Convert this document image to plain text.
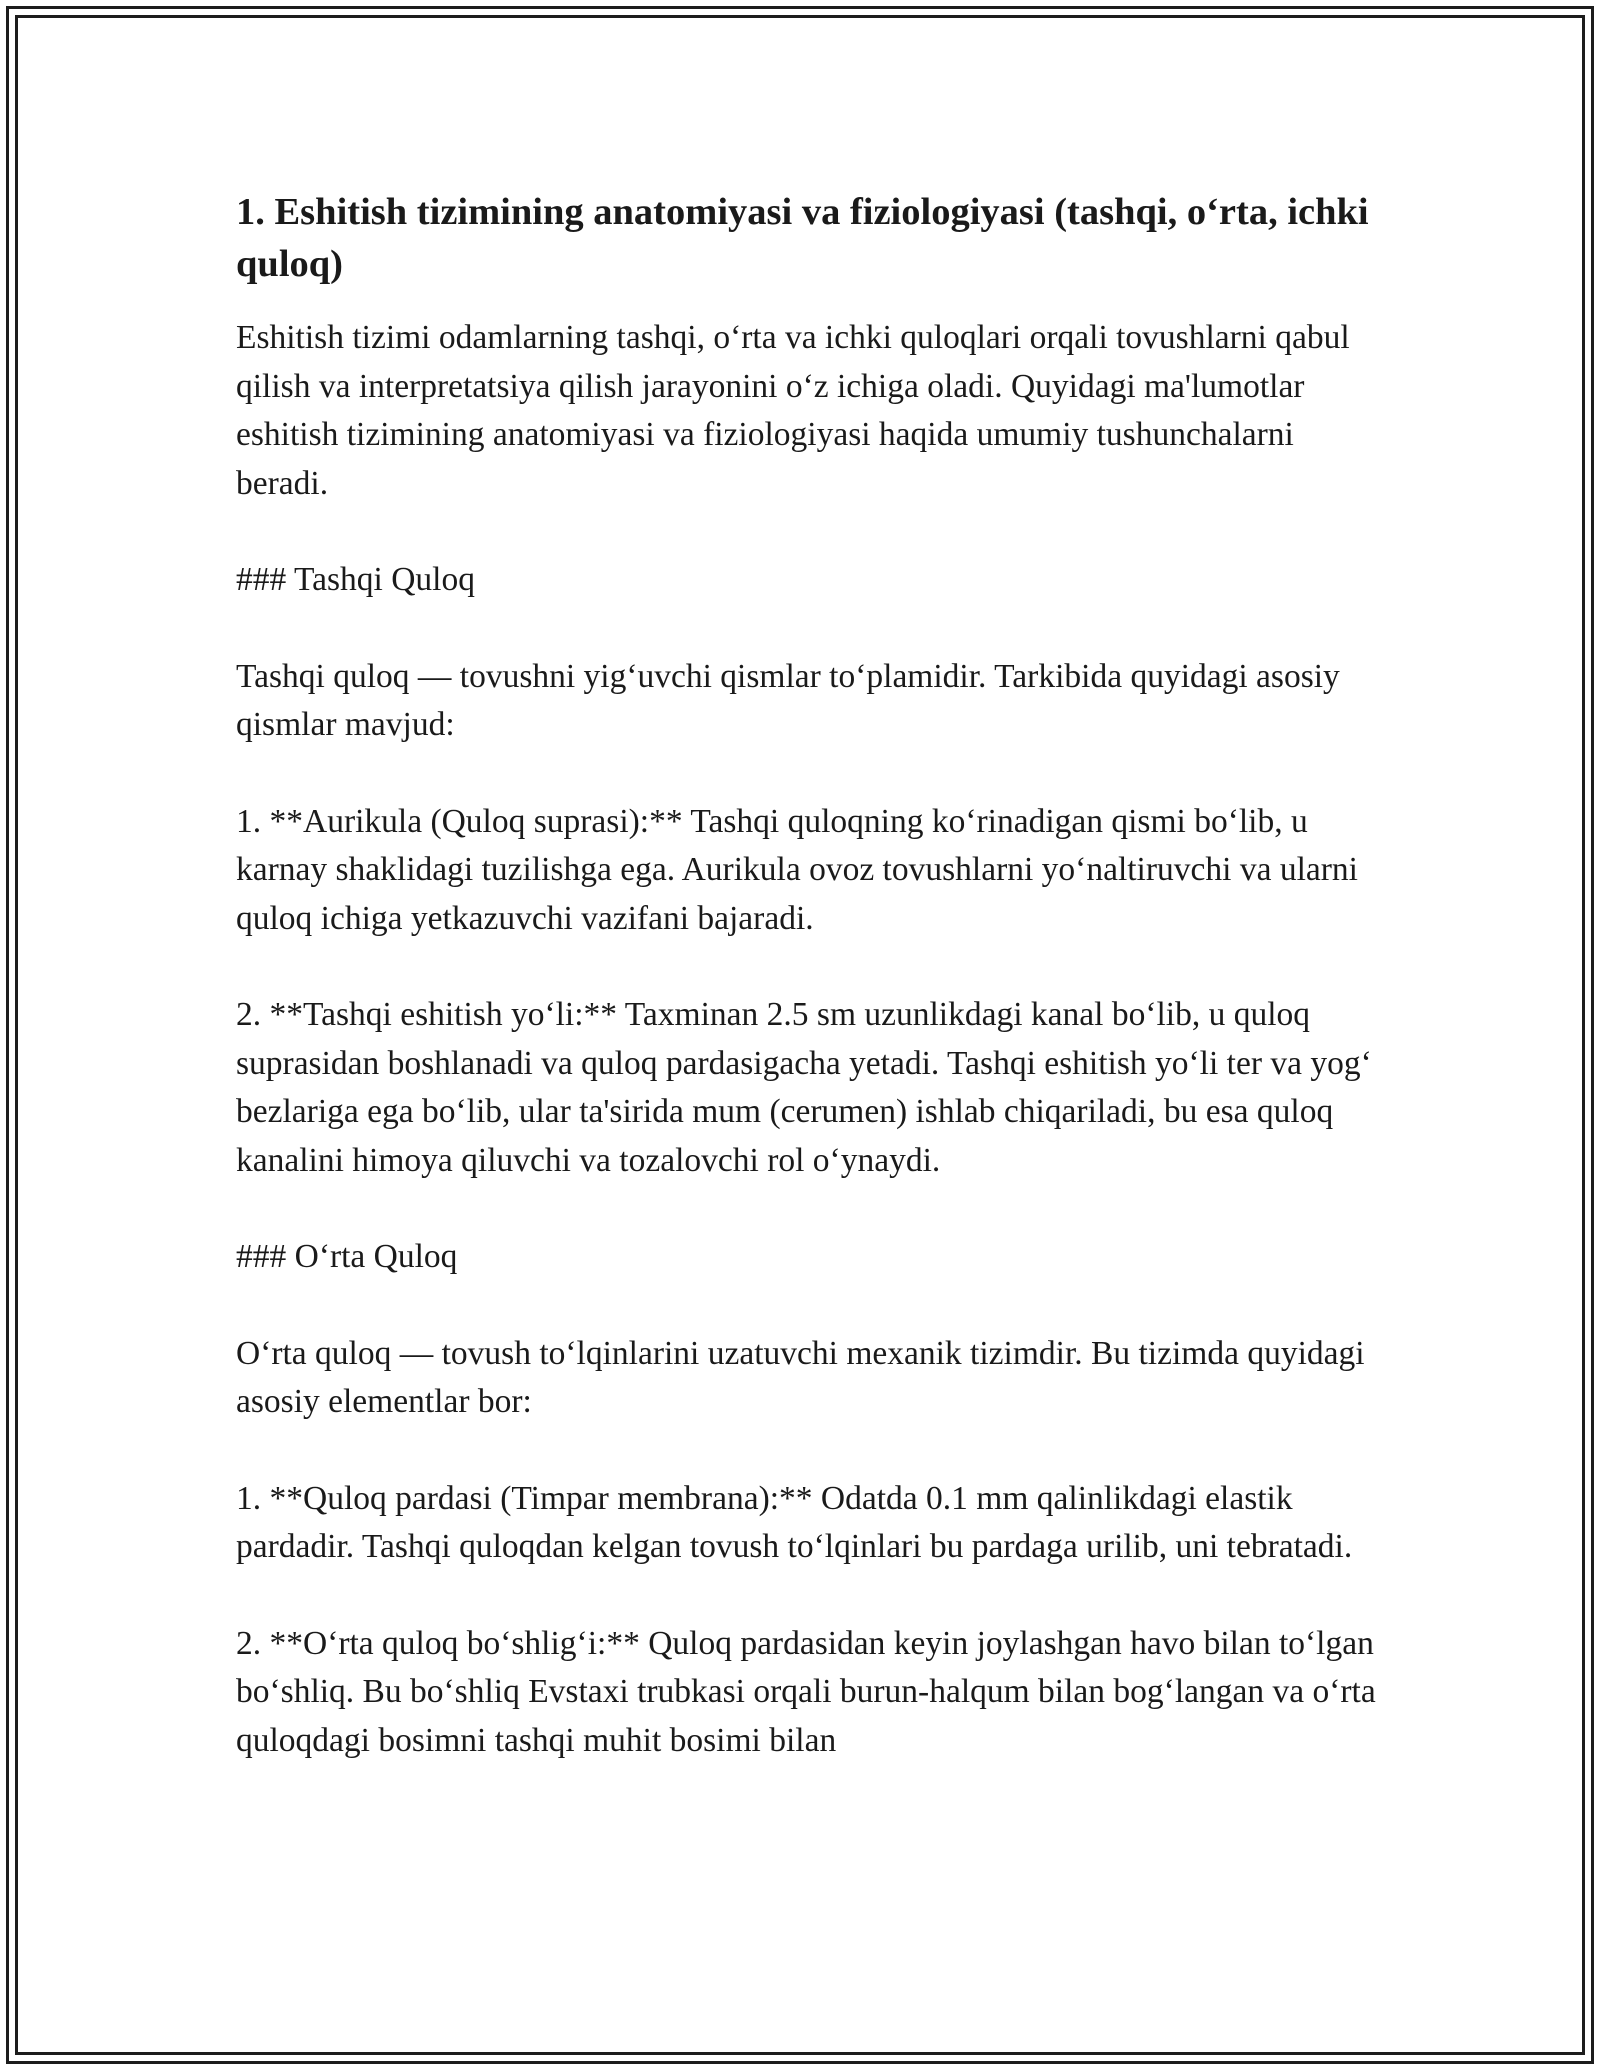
1. Eshitish tizimining anatomiyasi va fiziologiyasi (tashqi, o‘rta, ichki quloq)

Eshitish tizimi odamlarning tashqi, o‘rta va ichki quloqlari orqali tovushlarni qabul qilish va interpretatsiya qilish jarayonini o‘z ichiga oladi. Quyidagi ma'lumotlar eshitish tizimining anatomiyasi va fiziologiyasi haqida umumiy tushunchalarni beradi.

### Tashqi Quloq

Tashqi quloq — tovushni yig‘uvchi qismlar to‘plamidir. Tarkibida quyidagi asosiy qismlar mavjud:

1. **Aurikula (Quloq suprasi):** Tashqi quloqning ko‘rinadigan qismi bo‘lib, u karnay shaklidagi tuzilishga ega. Aurikula ovoz tovushlarni yo‘naltiruvchi va ularni quloq ichiga yetkazuvchi vazifani bajaradi.

2. **Tashqi eshitish yo‘li:** Taxminan 2.5 sm uzunlikdagi kanal bo‘lib, u quloq suprasidan boshlanadi va quloq pardasigacha yetadi. Tashqi eshitish yo‘li ter va yog‘ bezlariga ega bo‘lib, ular ta'sirida mum (cerumen) ishlab chiqariladi, bu esa quloq kanalini himoya qiluvchi va tozalovchi rol o‘ynaydi.

### O‘rta Quloq

O‘rta quloq — tovush to‘lqinlarini uzatuvchi mexanik tizimdir. Bu tizimda quyidagi asosiy elementlar bor:

1. **Quloq pardasi (Timpar membrana):** Odatda 0.1 mm qalinlikdagi elastik pardadir. Tashqi quloqdan kelgan tovush to‘lqinlari bu pardaga urilib, uni tebratadi.

2. **O‘rta quloq bo‘shlig‘i:** Quloq pardasidan keyin joylashgan havo bilan to‘lgan bo‘shliq. Bu bo‘shliq Evstaxi trubkasi orqali burun-halqum bilan bog‘langan va o‘rta quloqdagi bosimni tashqi muhit bosimi bilan
